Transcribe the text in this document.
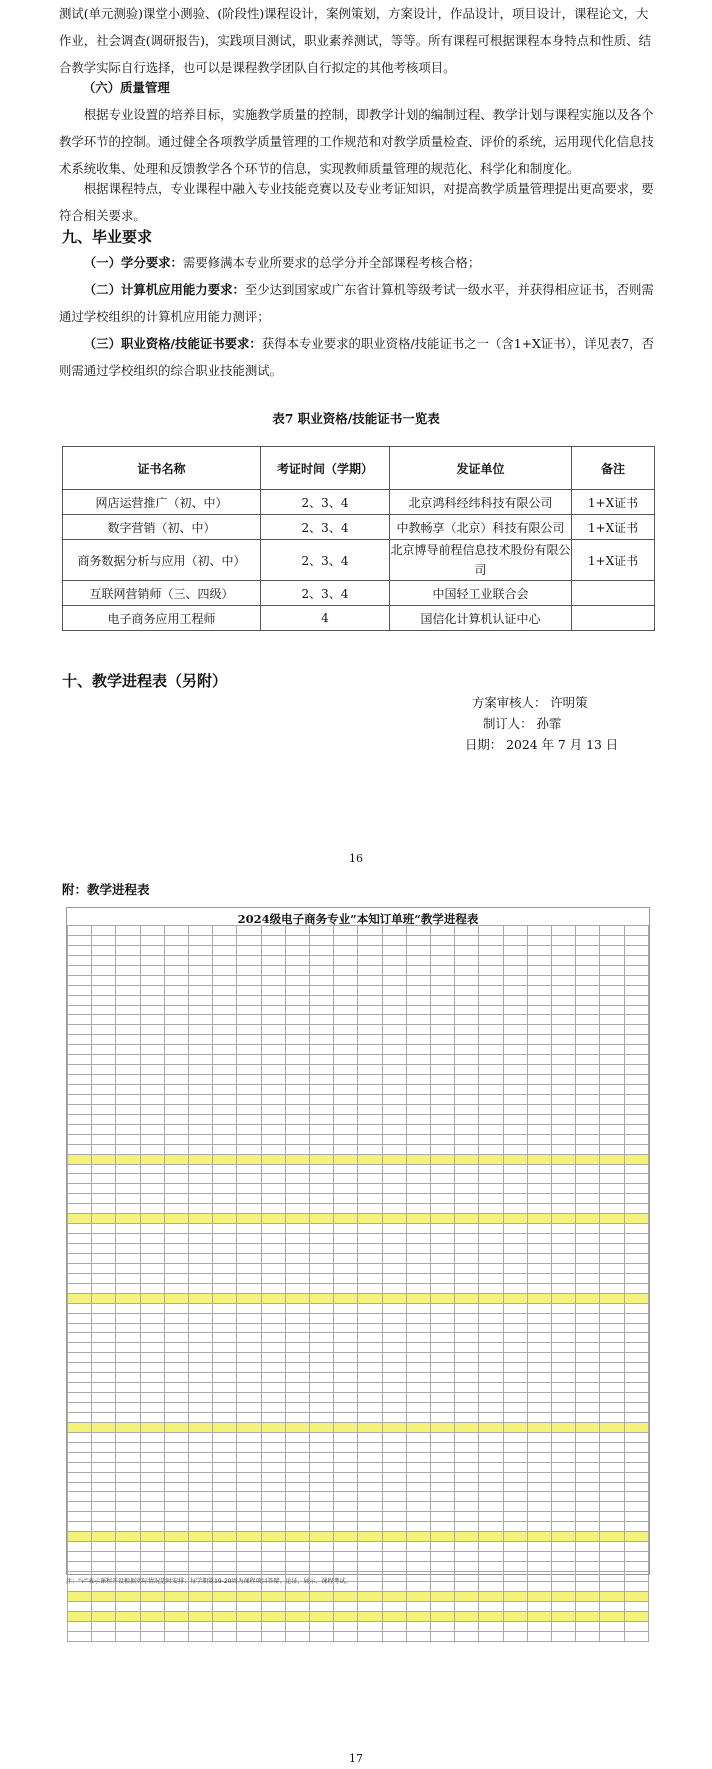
测试(单元测验)课堂小测验、(阶段性)课程设计，案例策划，方案设计，作品设计，项目设计，课程论文，大作业，社会调查(调研报告)，实践项目测试，职业素养测试，等等。所有课程可根据课程本身特点和性质、结合教学实际自行选择，也可以是课程教学团队自行拟定的其他考核项目。
（六）质量管理
根据专业设置的培养目标，实施教学质量的控制，即教学计划的编制过程、教学计划与课程实施以及各个教学环节的控制。通过健全各项教学质量管理的工作规范和对教学质量检查、评价的系统，运用现代化信息技术系统收集、处理和反馈教学各个环节的信息，实现教师质量管理的规范化、科学化和制度化。
根据课程特点，专业课程中融入专业技能竞赛以及专业考证知识，对提高教学质量管理提出更高要求，要符合相关要求。
九、毕业要求
（一）学分要求：需要修满本专业所要求的总学分并全部课程考核合格；
（二）计算机应用能力要求：至少达到国家或广东省计算机等级考试一级水平，并获得相应证书，否则需通过学校组织的计算机应用能力测评；
（三）职业资格/技能证书要求：获得本专业要求的职业资格/技能证书之一（含1+X证书），详见表7，否则需通过学校组织的综合职业技能测试。
表7 职业资格/技能证书一览表
证书名称	考证时间（学期）	发证单位	备注
网店运营推广（初、中）	2、3、4	北京鸿科经纬科技有限公司	1+X证书
数字营销（初、中）	2、3、4	中教畅享（北京）科技有限公司	1+X证书
商务数据分析与应用（初、中）	2、3、4	北京博导前程信息技术股份有限公司	1+X证书
互联网营销师（三、四级）	2、3、4	中国轻工业联合会	
电子商务应用工程师	4	国信化计算机认证中心	
十、教学进程表（另附）
方案审核人： 许明策
制订人： 孙霏
日期： 2024 年 7 月 13 日
16
附：教学进程表
2024级电子商务专业”本知订单班“教学进程表

注：“√”表示课程开设根据实际情况适时安排；每学期第19-20周为课程项目答辩、论证、展示、课程考试。
17
